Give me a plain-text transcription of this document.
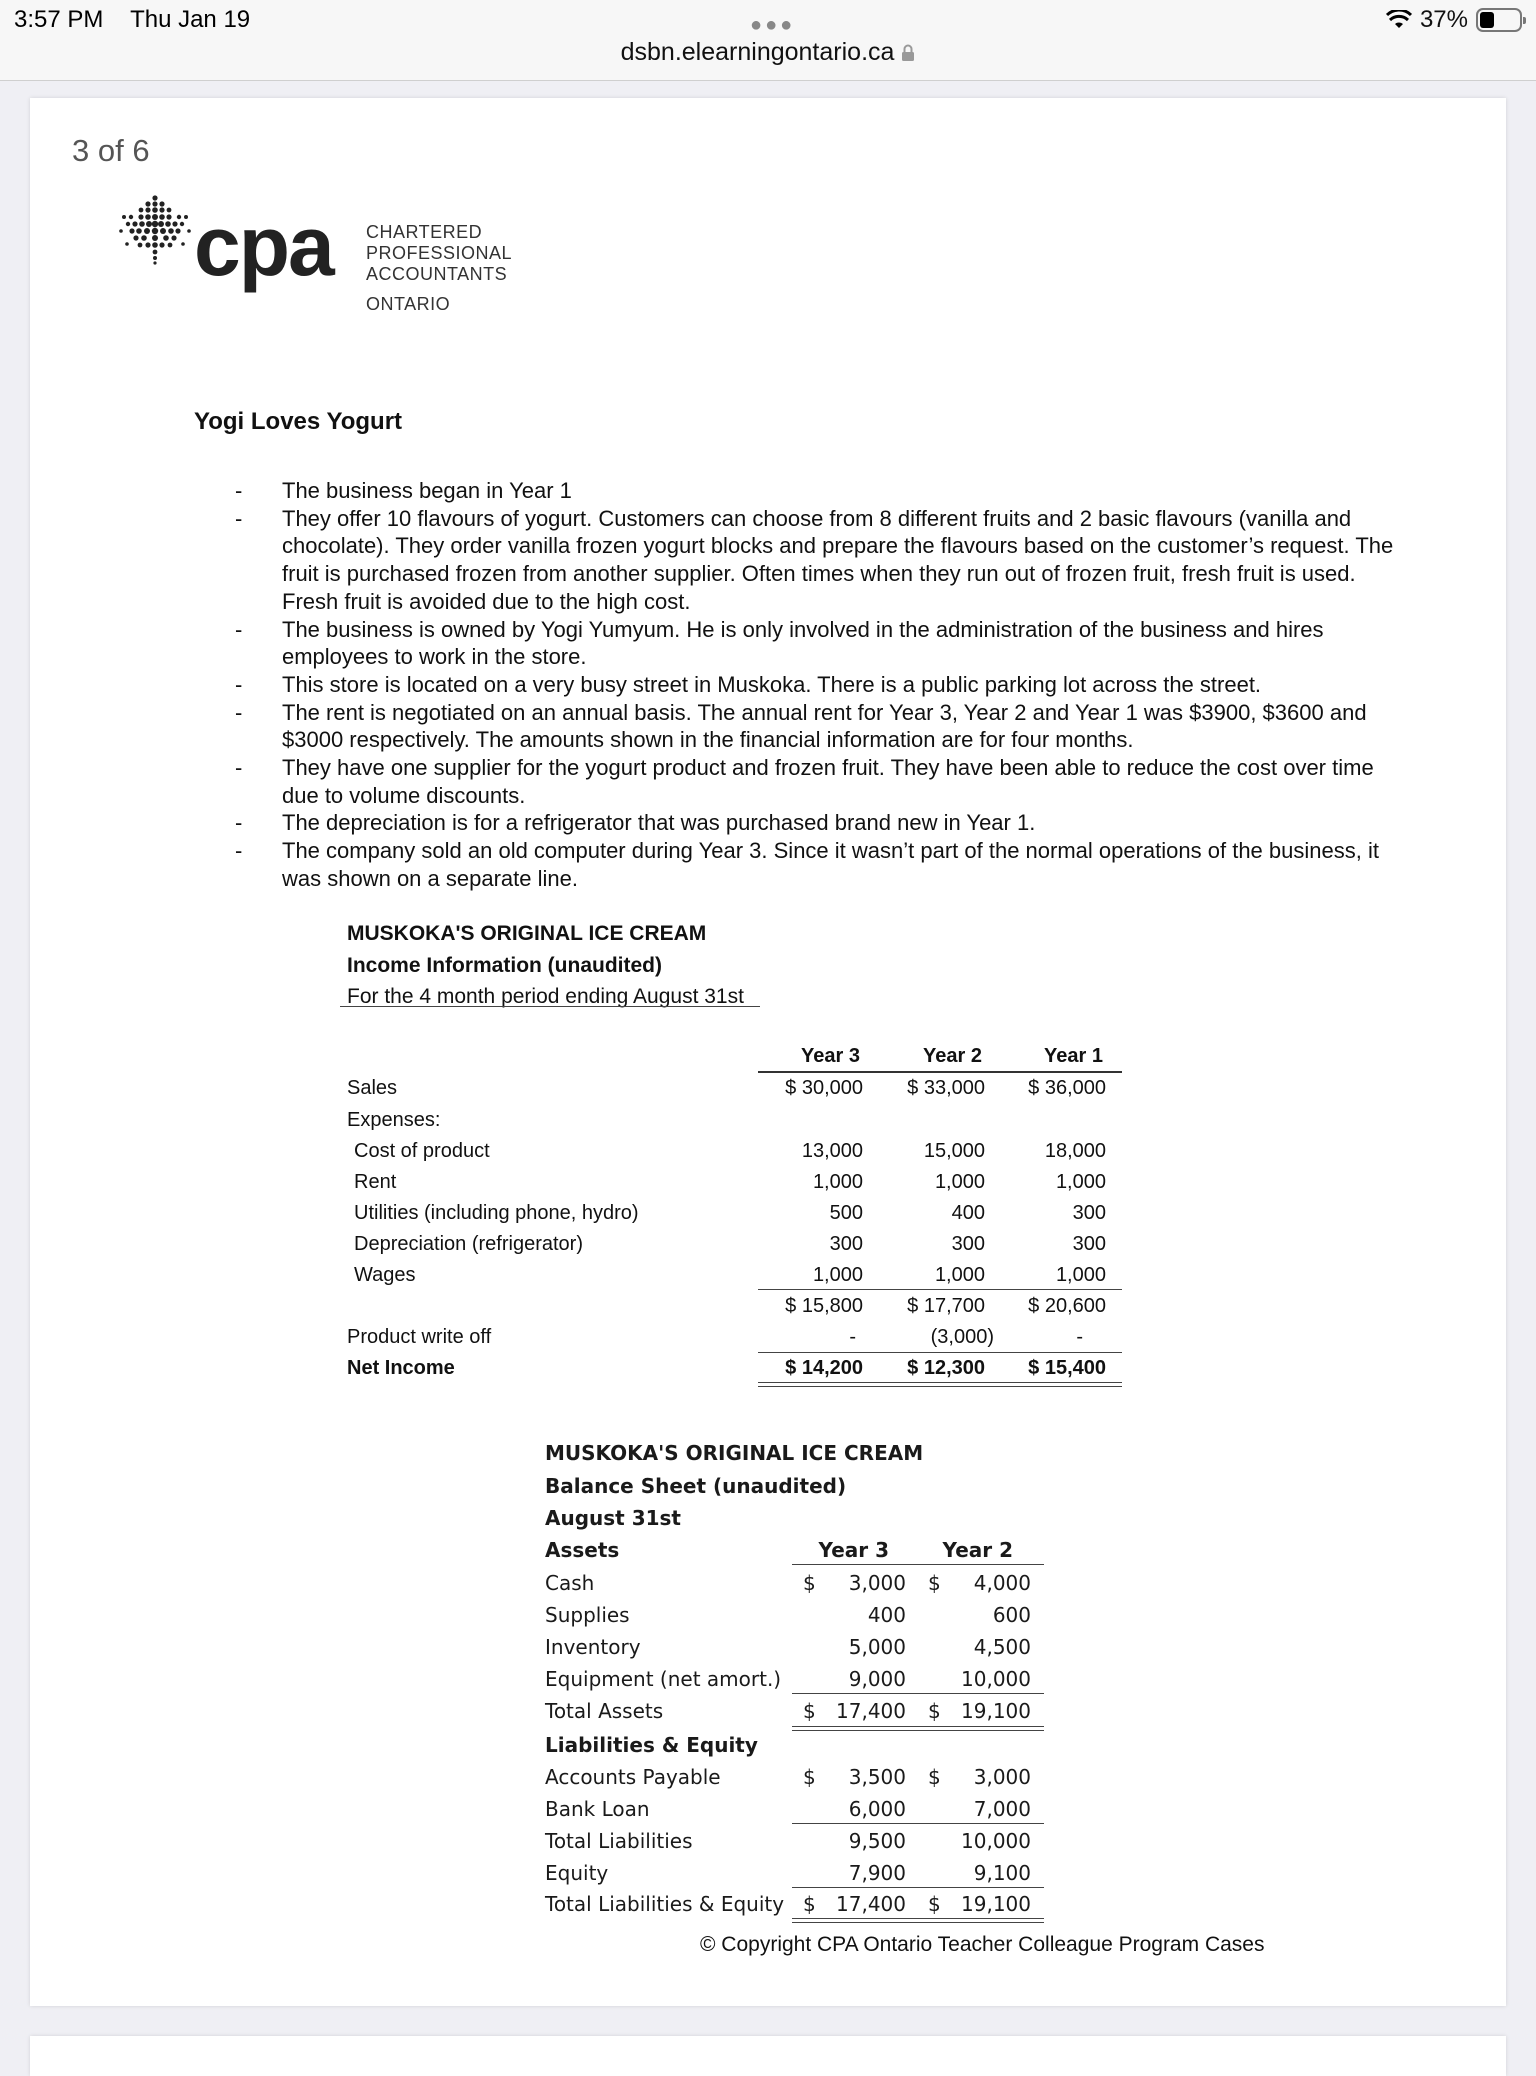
3:57 PM Thu Jan 19	●●●	37%
dsbn.elearningontario.ca
3 of 6
cpa CHARTERED
PROFESSIONAL
ACCOUNTANTS
ONTARIO
Yogi Loves Yogurt
- The business began in Year 1
- They offer 10 flavours of yogurt. Customers can choose from 8 different fruits and 2 basic flavours (vanilla and chocolate). They order vanilla frozen yogurt blocks and prepare the flavours based on the customer’s request. The fruit is purchased frozen from another supplier. Often times when they run out of frozen fruit, fresh fruit is used. Fresh fruit is avoided due to the high cost.
- The business is owned by Yogi Yumyum. He is only involved in the administration of the business and hires employees to work in the store.
- This store is located on a very busy street in Muskoka. There is a public parking lot across the street.
- The rent is negotiated on an annual basis. The annual rent for Year 3, Year 2 and Year 1 was $3900, $3600 and $3000 respectively. The amounts shown in the financial information are for four months.
- They have one supplier for the yogurt product and frozen fruit. They have been able to reduce the cost over time due to volume discounts.
- The depreciation is for a refrigerator that was purchased brand new in Year 1.
- The company sold an old computer during Year 3. Since it wasn’t part of the normal operations of the business, it was shown on a separate line.
MUSKOKA'S ORIGINAL ICE CREAM
Income Information (unaudited)
For the 4 month period ending August 31st
Year 3	Year 2	Year 1
Sales	$ 30,000 $ 33,000 $ 36,000
Expenses:
Cost of product	13,000	15,000	18,000
Rent	1,000	1,000	1,000
Utilities (including phone, hydro)	500	400	300
Depreciation (refrigerator)	300	300	300
Wages	1,000	1,000	1,000
$ 15,800 $ 17,700 $ 20,600
Product write off	-	(3,000)	-
Net Income	$ 14,200 $ 12,300 $ 15,400
MUSKOKA'S ORIGINAL ICE CREAM
Balance Sheet (unaudited)
August 31st
Assets	Year 3	Year 2
Cash	$ 3,000 $ 4,000
Supplies	400	600
Inventory	5,000	4,500
Equipment (net amort.)	9,000	10,000
Total Assets	$ 17,400 $ 19,100
Liabilities & Equity
Accounts Payable	$ 3,500 $ 3,000
Bank Loan	6,000	7,000
Total Liabilities	9,500	10,000
Equity	7,900	9,100
Total Liabilities & Equity $ 17,400 $ 19,100
© Copyright CPA Ontario Teacher Colleague Program Cases
